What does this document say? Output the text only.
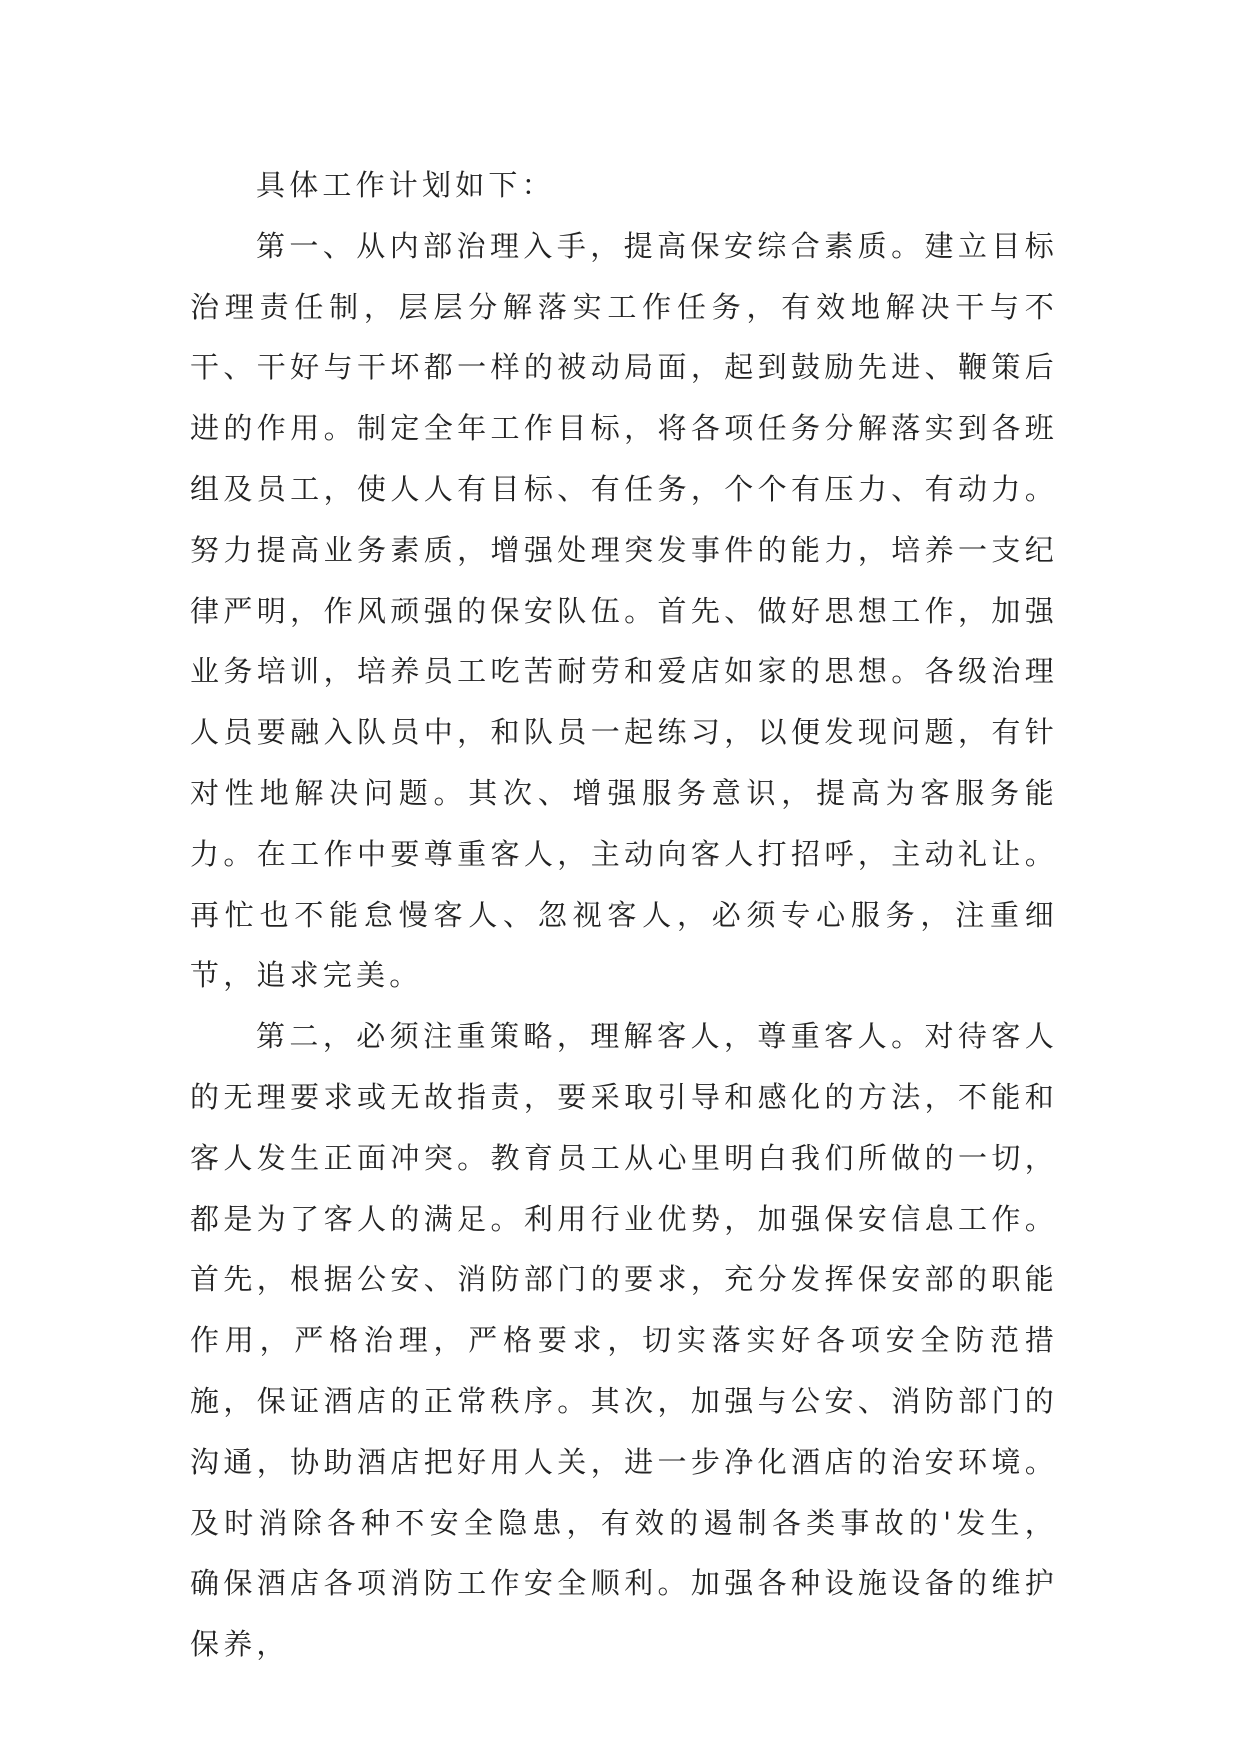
具体工作计划如下：

第一、从内部治理入手，提高保安综合素质。建立目标治理责任制，层层分解落实工作任务，有效地解决干与不干、干好与干坏都一样的被动局面，起到鼓励先进、鞭策后进的作用。制定全年工作目标，将各项任务分解落实到各班组及员工，使人人有目标、有任务，个个有压力、有动力。努力提高业务素质，增强处理突发事件的能力，培养一支纪律严明，作风顽强的保安队伍。首先、做好思想工作，加强业务培训，培养员工吃苦耐劳和爱店如家的思想。各级治理人员要融入队员中，和队员一起练习，以便发现问题，有针对性地解决问题。其次、增强服务意识，提高为客服务能力。在工作中要尊重客人，主动向客人打招呼，主动礼让。再忙也不能怠慢客人、忽视客人，必须专心服务，注重细节，追求完美。

第二，必须注重策略，理解客人，尊重客人。对待客人的无理要求或无故指责，要采取引导和感化的方法，不能和客人发生正面冲突。教育员工从心里明白我们所做的一切，都是为了客人的满足。利用行业优势，加强保安信息工作。首先，根据公安、消防部门的要求，充分发挥保安部的职能作用，严格治理，严格要求，切实落实好各项安全防范措施，保证酒店的正常秩序。其次，加强与公安、消防部门的沟通，协助酒店把好用人关，进一步净化酒店的治安环境。及时消除各种不安全隐患，有效的遏制各类事故的'发生，确保酒店各项消防工作安全顺利。加强各种设施设备的维护保养，
